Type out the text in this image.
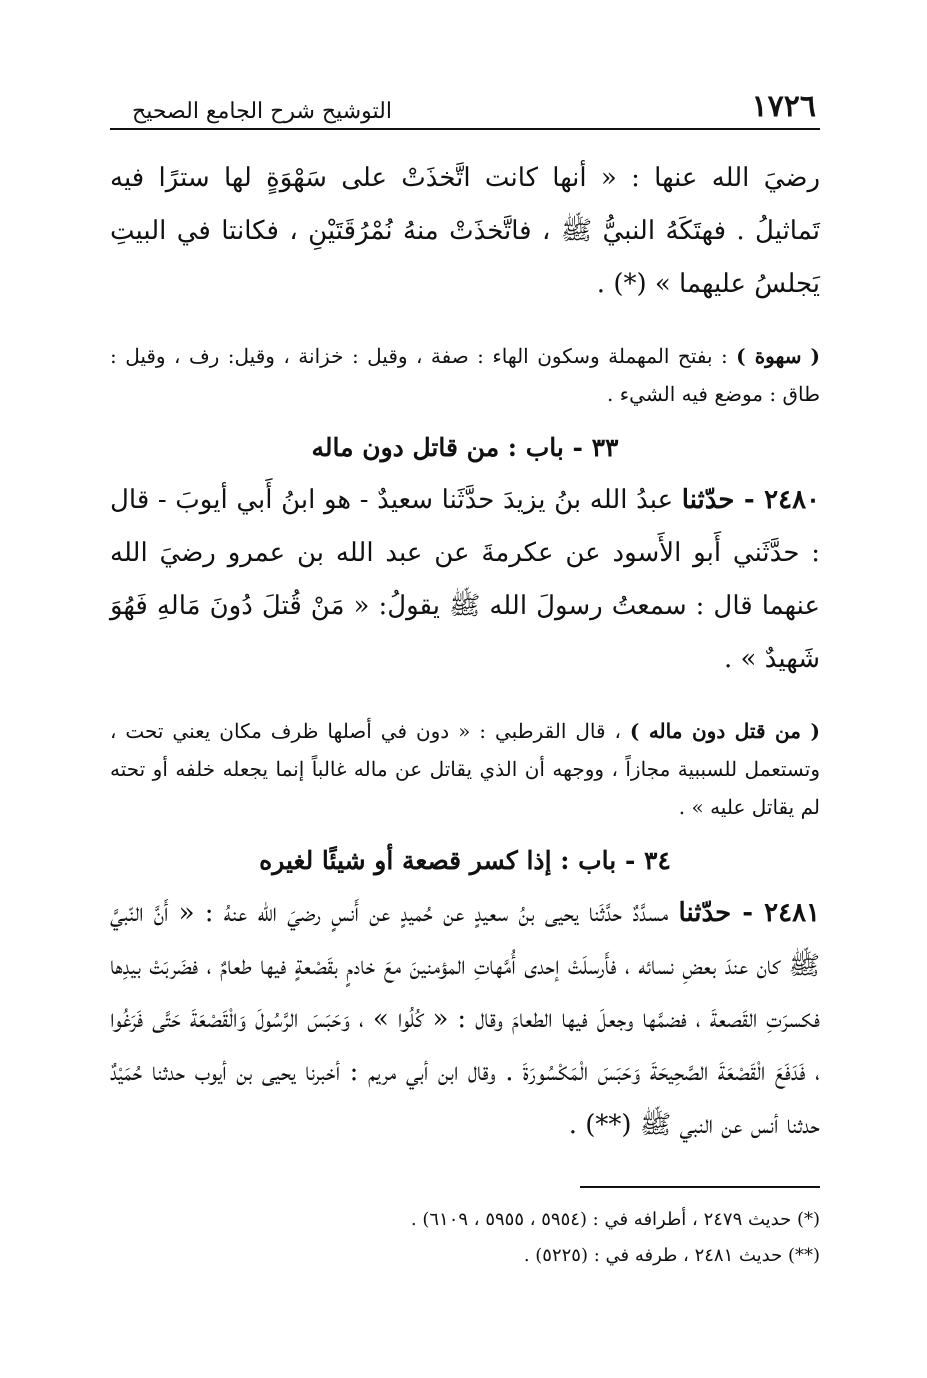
١٧٢٦
التوشيح شرح الجامع الصحيح

رضيَ الله عنها : « أنها كانت اتَّخذَتْ على سَهْوَةٍ لها سترًا فيه تَماثيلُ . فهتَكَهُ النبيُّ ﷺ ، فاتَّخذَتْ منهُ نُمْرُقَتَيْنِ ، فكانتا في البيتِ يَجلسُ عليهما » (*) .

( سهوة ) : بفتح المهملة وسكون الهاء : صفة ، وقيل : خزانة ، وقيل: رف ، وقيل : طاق : موضع فيه الشيء .

٣٣ - باب : من قاتل دون ماله

٢٤٨٠ - حدّثنا عبدُ الله بنُ يزيدَ حدَّثَنا سعيدٌ - هو ابنُ أَبي أيوبَ - قال : حدَّثَني أَبو الأَسود عن عكرمةَ عن عبد الله بن عمرو رضيَ الله عنهما قال : سمعتُ رسولَ الله ﷺ يقولُ: « مَنْ قُتلَ دُونَ مَالهِ فَهُوَ شَهيدٌ » .

( من قتل دون ماله ) ، قال القرطبي : « دون في أصلها ظرف مكان يعني تحت ، وتستعمل للسببية مجازاً ، ووجهه أن الذي يقاتل عن ماله غالباً إنما يجعله خلفه أو تحته لم يقاتل عليه » .

٣٤ - باب : إذا كسر قصعة أو شيئًا لغيره

٢٤٨١ - حدّثنا مسدَّدٌ حدَّثَنا يحيى بنُ سعيدٍ عن حُميدٍ عن أَنسٍ رضيَ الله عنهُ : « أَنَّ النّبيَّ ﷺ كان عندَ بعضِ نسائه ، فأَرسلَتْ إحدى أُمَّهاتِ المؤمنينَ معَ خادمٍ بقَصْعةٍ فيها طعامٌ ، فضَربَتْ بيدِها فكسرَتِ القَصعةَ ، فضمَّها وجعلَ فيها الطعامَ وقال : « كُلُوا » ، وَحَبَسَ الرَّسُولَ وَالْقَصْعَةَ حَتَّى فَرَغُوا ، فَدَفَعَ الْقَصْعَةَ الصَّحِيحَةَ وَحَبَسَ الْمَكْسُورَةَ . وقال ابن أبي مريم : أخبرنا يحيى بن أيوب حدثنا حُمَيْدٌ حدثنا أنس عن النبي ﷺ (**) .

(*) حديث ٢٤٧٩ ، أطرافه في : (٥٩٥٤ ، ٥٩٥٥ ، ٦١٠٩) .
(**) حديث ٢٤٨١ ، طرفه في : (٥٢٢٥) .
